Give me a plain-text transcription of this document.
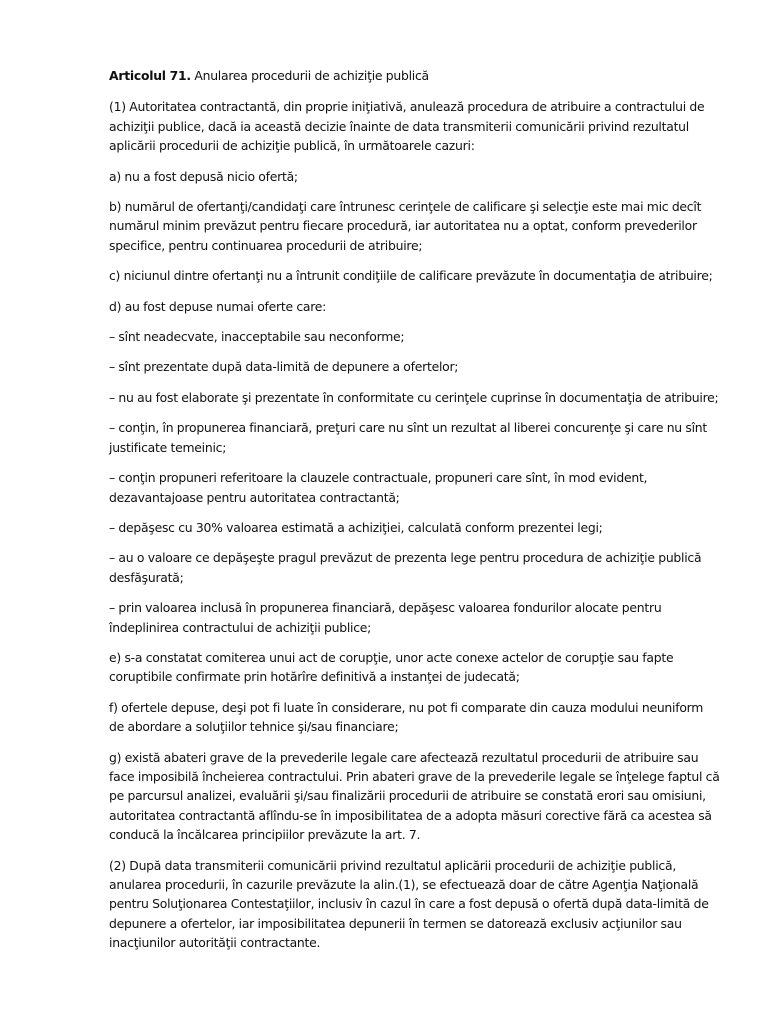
Articolul 71. Anularea procedurii de achiziţie publică

(1) Autoritatea contractantă, din proprie iniţiativă, anulează procedura de atribuire a contractului de achiziţii publice, dacă ia această decizie înainte de data transmiterii comunicării privind rezultatul aplicării procedurii de achiziţie publică, în următoarele cazuri:

a) nu a fost depusă nicio ofertă;

b) numărul de ofertanţi/candidaţi care întrunesc cerinţele de calificare şi selecţie este mai mic decît numărul minim prevăzut pentru fiecare procedură, iar autoritatea nu a optat, conform prevederilor specifice, pentru continuarea procedurii de atribuire;

c) niciunul dintre ofertanţi nu a întrunit condiţiile de calificare prevăzute în documentaţia de atribuire;

d) au fost depuse numai oferte care:

– sînt neadecvate, inacceptabile sau neconforme;

– sînt prezentate după data-limită de depunere a ofertelor;

– nu au fost elaborate şi prezentate în conformitate cu cerinţele cuprinse în documentaţia de atribuire;

– conţin, în propunerea financiară, preţuri care nu sînt un rezultat al liberei concurenţe şi care nu sînt justificate temeinic;

– conţin propuneri referitoare la clauzele contractuale, propuneri care sînt, în mod evident, dezavantajoase pentru autoritatea contractantă;

– depăşesc cu 30% valoarea estimată a achiziţiei, calculată conform prezentei legi;

– au o valoare ce depăşeşte pragul prevăzut de prezenta lege pentru procedura de achiziţie publică desfăşurată;

– prin valoarea inclusă în propunerea financiară, depăşesc valoarea fondurilor alocate pentru îndeplinirea contractului de achiziţii publice;

e) s-a constatat comiterea unui act de corupţie, unor acte conexe actelor de corupţie sau fapte coruptibile confirmate prin hotărîre definitivă a instanţei de judecată;

f) ofertele depuse, deşi pot fi luate în considerare, nu pot fi comparate din cauza modului neuniform de abordare a soluţiilor tehnice şi/sau financiare;

g) există abateri grave de la prevederile legale care afectează rezultatul procedurii de atribuire sau face imposibilă încheierea contractului. Prin abateri grave de la prevederile legale se înţelege faptul că pe parcursul analizei, evaluării şi/sau finalizării procedurii de atribuire se constată erori sau omisiuni, autoritatea contractantă aflîndu-se în imposibilitatea de a adopta măsuri corective fără ca acestea să conducă la încălcarea principiilor prevăzute la art. 7.

(2) După data transmiterii comunicării privind rezultatul aplicării procedurii de achiziţie publică, anularea procedurii, în cazurile prevăzute la alin.(1), se efectuează doar de către Agenţia Naţională pentru Soluţionarea Contestaţiilor, inclusiv în cazul în care a fost depusă o ofertă după data-limită de depunere a ofertelor, iar imposibilitatea depunerii în termen se datorează exclusiv acţiunilor sau inacţiunilor autorităţii contractante.
